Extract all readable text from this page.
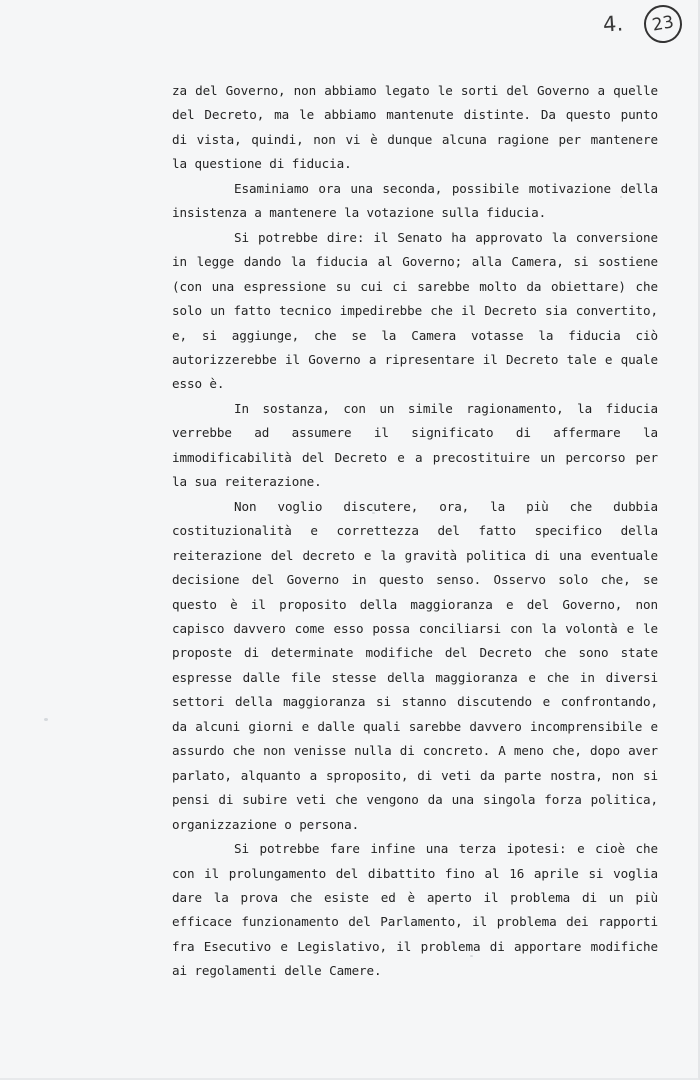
4.	23

za del Governo, non abbiamo legato le sorti del Governo a quelle del Decreto, ma le abbiamo mantenute distinte. Da questo punto di vista, quindi, non vi è dunque alcuna ragione per mantenere la questione di fiducia.

Esaminiamo ora una seconda, possibile motivazione della insistenza a mantenere la votazione sulla fiducia.

Si potrebbe dire: il Senato ha approvato la conversione in legge dando la fiducia al Governo; alla Camera, si sostiene (con una espressione su cui ci sarebbe molto da obiettare) che solo un fatto tecnico impedirebbe che il Decreto sia convertito, e, si aggiunge, che se la Camera votasse la fiducia ciò autorizzerebbe il Governo a ripresentare il Decreto tale e quale esso è.

In sostanza, con un simile ragionamento, la fiducia verrebbe ad assumere il significato di affermare la immodificabilità del Decreto e a precostituire un percorso per la sua reiterazione.

Non voglio discutere, ora, la più che dubbia costituzionalità e correttezza del fatto specifico della reiterazione del decreto e la gravità politica di una eventuale decisione del Governo in questo senso. Osservo solo che, se questo è il proposito della maggioranza e del Governo, non capisco davvero come esso possa conciliarsi con la volontà e le proposte di determinate modifiche del Decreto che sono state espresse dalle file stesse della maggioranza e che in diversi settori della maggioranza si stanno discutendo e confrontando, da alcuni giorni e dalle quali sarebbe davvero incomprensibile e assurdo che non venisse nulla di concreto. A meno che, dopo aver parlato, alquanto a sproposito, di veti da parte nostra, non si pensi di subire veti che vengono da una singola forza politica, organizzazione o persona.

Si potrebbe fare infine una terza ipotesi: e cioè che con il prolungamento del dibattito fino al 16 aprile si voglia dare la prova che esiste ed è aperto il problema di un più efficace funzionamento del Parlamento, il problema dei rapporti fra Esecutivo e Legislativo, il problema di apportare modifiche ai regolamenti delle Camere.
